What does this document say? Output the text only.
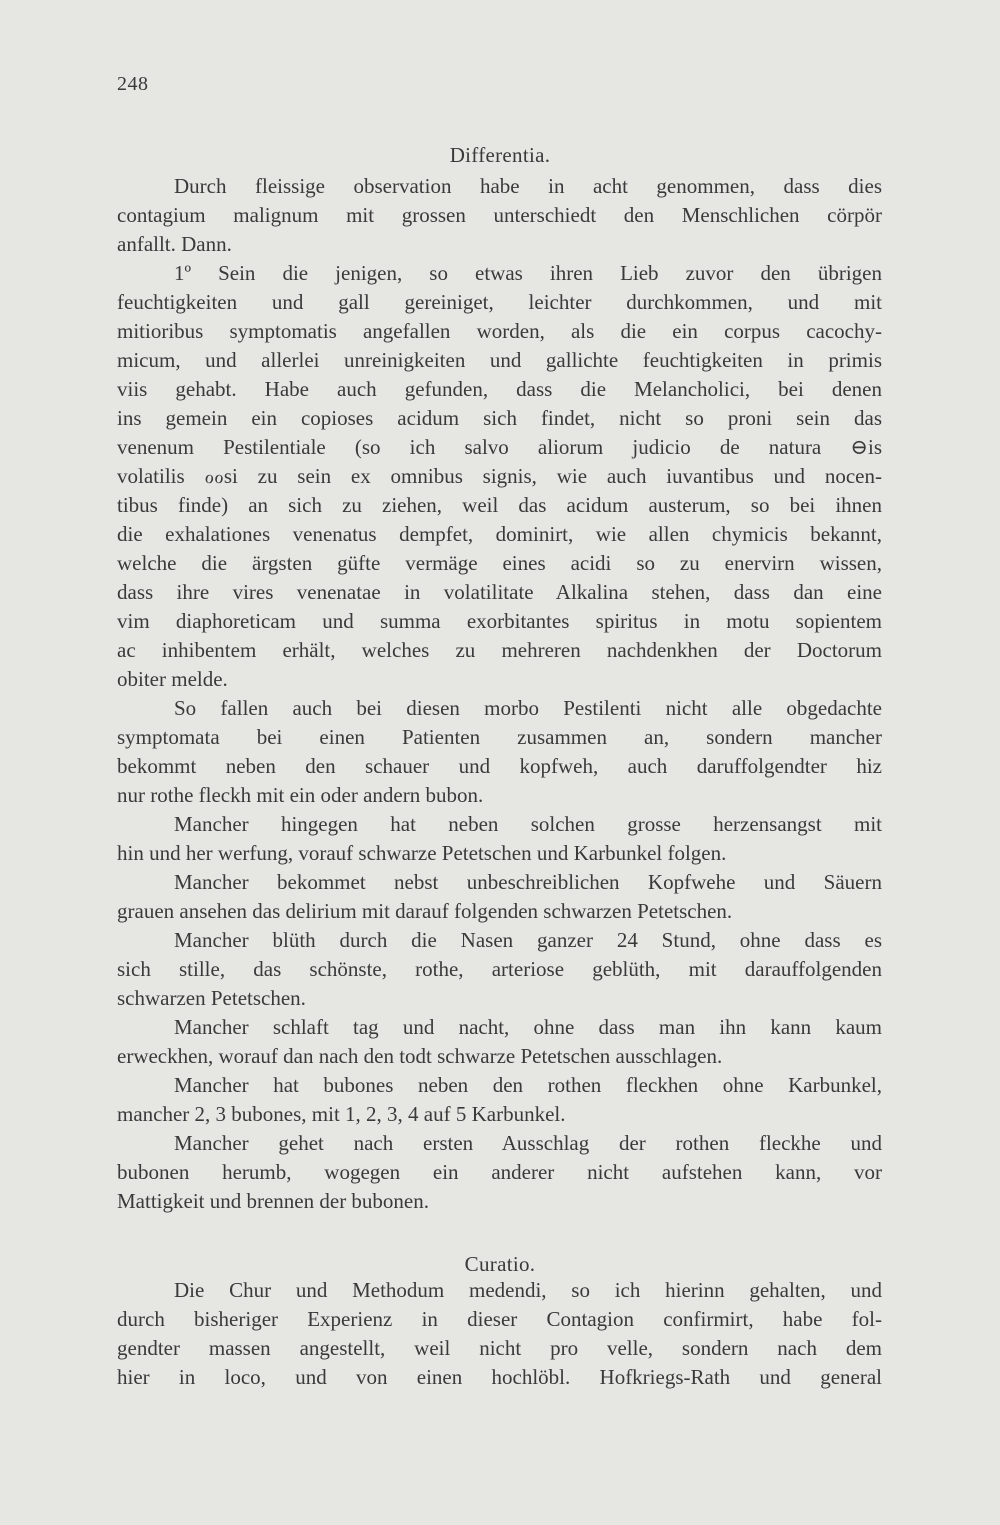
248
Differentia.
Durch fleissige observation habe in acht genommen, dass dies
contagium malignum mit grossen unterschiedt den Menschlichen cörpör
anfallt. Dann.
1º Sein die jenigen, so etwas ihren Lieb zuvor den übrigen
feuchtigkeiten und gall gereiniget, leichter durchkommen, und mit
mitioribus symptomatis angefallen worden, als die ein corpus cacochy-
micum, und allerlei unreinigkeiten und gallichte feuchtigkeiten in primis
viis gehabt. Habe auch gefunden, dass die Melancholici, bei denen
ins gemein ein copioses acidum sich findet, nicht so proni sein das
venenum Pestilentiale (so ich salvo aliorum judicio de natura ⊖is
volatilis ℴℴsi zu sein ex omnibus signis, wie auch iuvantibus und nocen-
tibus finde) an sich zu ziehen, weil das acidum austerum, so bei ihnen
die exhalationes venenatus dempfet, dominirt, wie allen chymicis bekannt,
welche die ärgsten güfte vermäge eines acidi so zu enervirn wissen,
dass ihre vires venenatae in volatilitate Alkalina stehen, dass dan eine
vim diaphoreticam und summa exorbitantes spiritus in motu sopientem
ac inhibentem erhält, welches zu mehreren nachdenkhen der Doctorum
obiter melde.
So fallen auch bei diesen morbo Pestilenti nicht alle obgedachte
symptomata bei einen Patienten zusammen an, sondern mancher
bekommt neben den schauer und kopfweh, auch daruffolgendter hiz
nur rothe fleckh mit ein oder andern bubon.
Mancher hingegen hat neben solchen grosse herzensangst mit
hin und her werfung, vorauf schwarze Petetschen und Karbunkel folgen.
Mancher bekommet nebst unbeschreiblichen Kopfwehe und Säuern
grauen ansehen das delirium mit darauf folgenden schwarzen Petetschen.
Mancher blüth durch die Nasen ganzer 24 Stund, ohne dass es
sich stille, das schönste, rothe, arteriose geblüth, mit darauffolgenden
schwarzen Petetschen.
Mancher schlaft tag und nacht, ohne dass man ihn kann kaum
erweckhen, worauf dan nach den todt schwarze Petetschen ausschlagen.
Mancher hat bubones neben den rothen fleckhen ohne Karbunkel,
mancher 2, 3 bubones, mit 1, 2, 3, 4 auf 5 Karbunkel.
Mancher gehet nach ersten Ausschlag der rothen fleckhe und
bubonen herumb, wogegen ein anderer nicht aufstehen kann, vor
Mattigkeit und brennen der bubonen.
Curatio.
Die Chur und Methodum medendi, so ich hierinn gehalten, und
durch bisheriger Experienz in dieser Contagion confirmirt, habe fol-
gendter massen angestellt, weil nicht pro velle, sondern nach dem
hier in loco, und von einen hochlöbl. Hofkriegs-Rath und general
